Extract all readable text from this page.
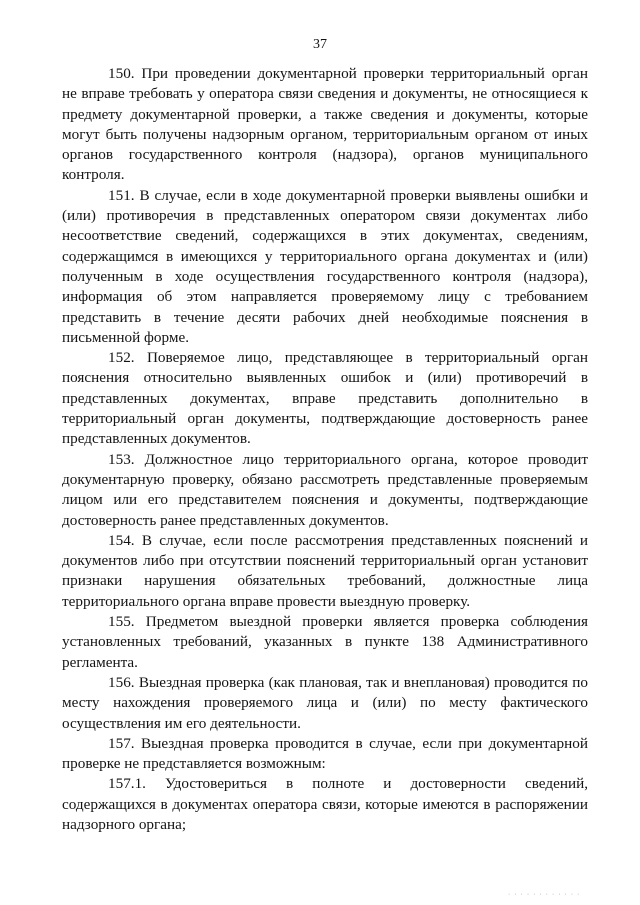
37

150. При проведении документарной проверки территориальный орган не вправе требовать у оператора связи сведения и документы, не относящиеся к предмету документарной проверки, а также сведения и документы, которые могут быть получены надзорным органом, территориальным органом от иных органов государственного контроля (надзора), органов муниципального контроля.

151. В случае, если в ходе документарной проверки выявлены ошибки и (или) противоречия в представленных оператором связи документах либо несоответствие сведений, содержащихся в этих документах, сведениям, содержащимся в имеющихся у территориального органа документах и (или) полученным в ходе осуществления государственного контроля (надзора), информация об этом направляется проверяемому лицу с требованием представить в течение десяти рабочих дней необходимые пояснения в письменной форме.

152. Поверяемое лицо, представляющее в территориальный орган пояснения относительно выявленных ошибок и (или) противоречий в представленных документах, вправе представить дополнительно в территориальный орган документы, подтверждающие достоверность ранее представленных документов.

153. Должностное лицо территориального органа, которое проводит документарную проверку, обязано рассмотреть представленные проверяемым лицом или его представителем пояснения и документы, подтверждающие достоверность ранее представленных документов.

154. В случае, если после рассмотрения представленных пояснений и документов либо при отсутствии пояснений территориальный орган установит признаки нарушения обязательных требований, должностные лица территориального органа вправе провести выездную проверку.

155. Предметом выездной проверки является проверка соблюдения установленных требований, указанных в пункте 138 Административного регламента.

156. Выездная проверка (как плановая, так и внеплановая) проводится по месту нахождения проверяемого лица и (или) по месту фактического осуществления им его деятельности.

157. Выездная проверка проводится в случае, если при документарной проверке не представляется возможным:

157.1. Удостовериться в полноте и достоверности сведений, содержащихся в документах оператора связи, которые имеются в распоряжении надзорного органа;

· · · · · · · · · · · ·
